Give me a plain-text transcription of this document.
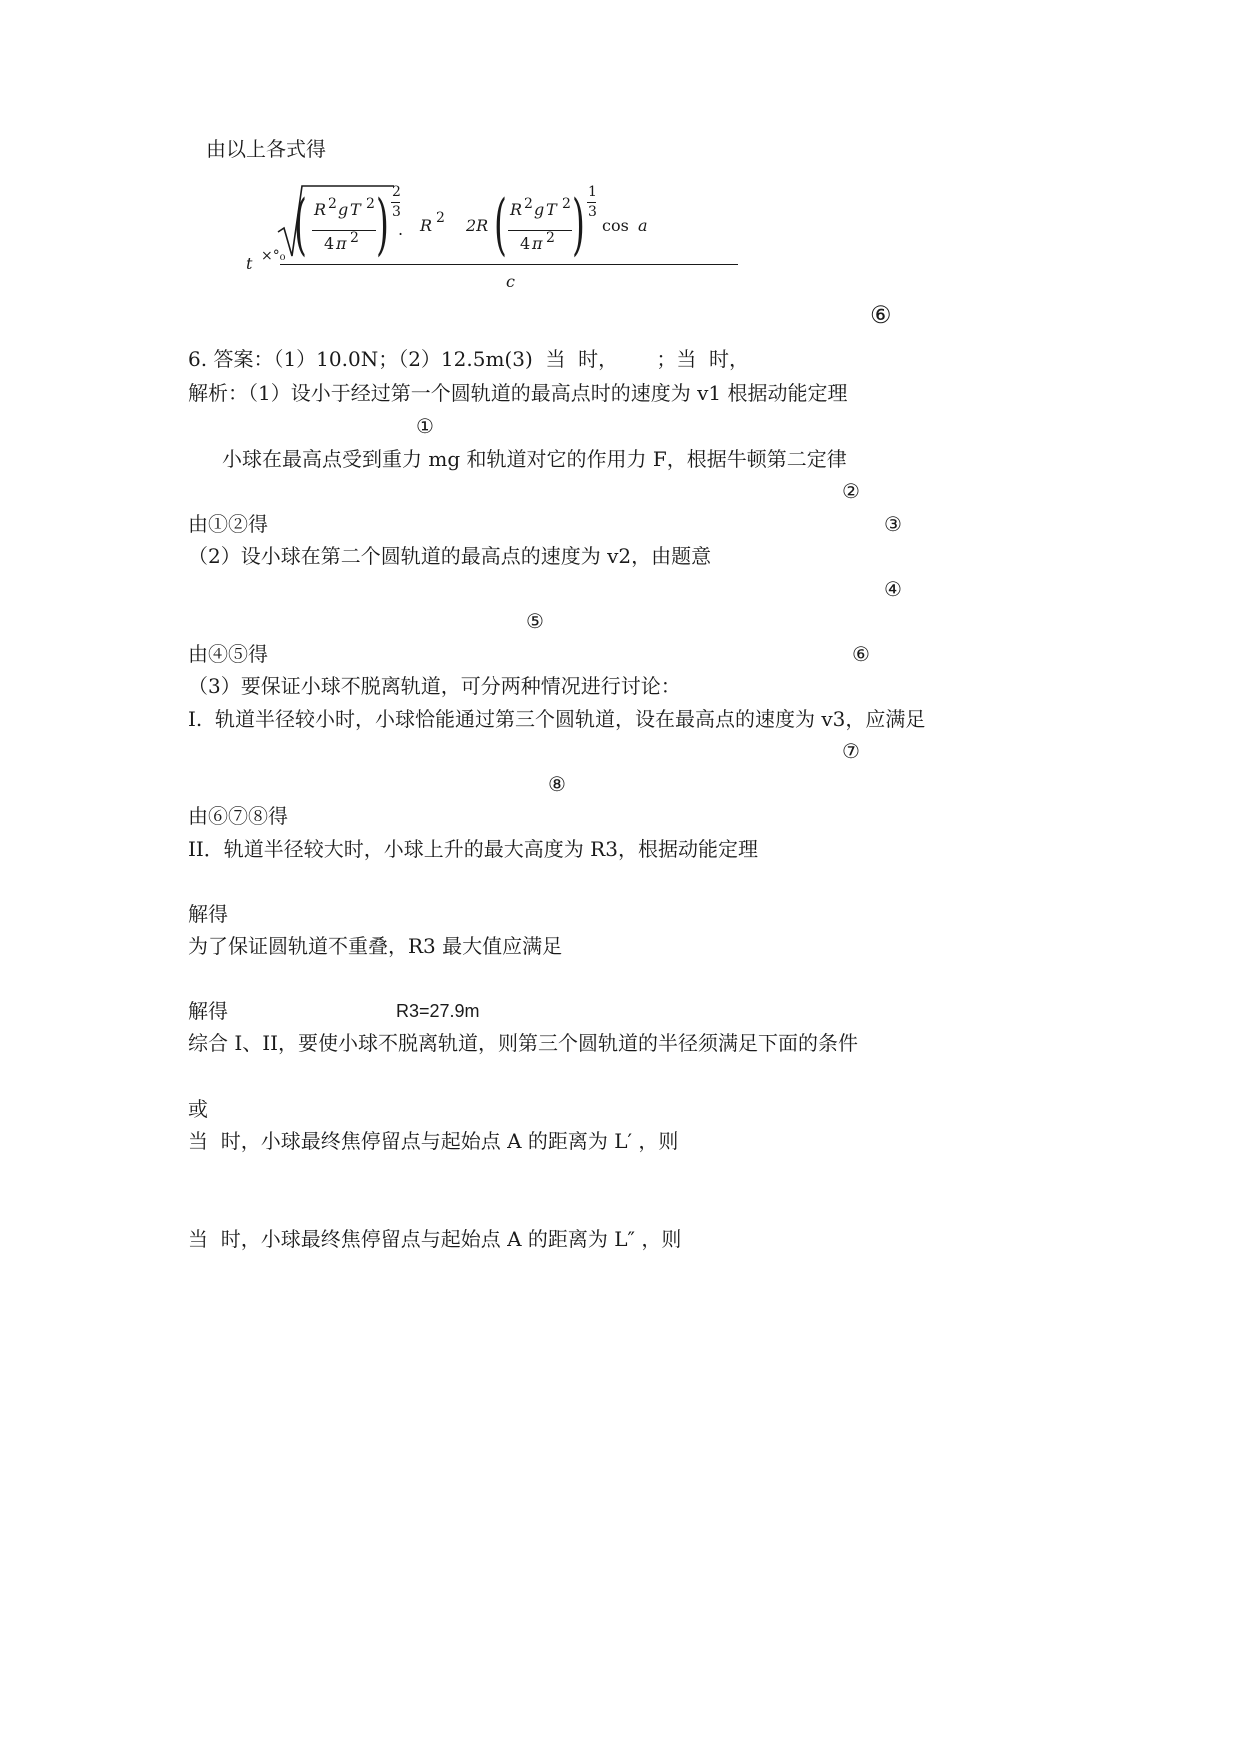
由以上各式得
t ×°₀ ( R 2 g T 2
4 π 2 ) 2
3
. R 2 2R ( R 2 g T 2
4 π 2 ) 1
3
cos a
c
⑥
6. 答案：（1）10.0N；（2）12.5m(3)  当  时，      ；当  时，
解析：（1）设小于经过第一个圆轨道的最高点时的速度为 v1 根据动能定理
①
小球在最高点受到重力 mg 和轨道对它的作用力 F，根据牛顿第二定律
②
由①②得	③
（2）设小球在第二个圆轨道的最高点的速度为 v2，由题意
④
⑤
由④⑤得	⑥
（3）要保证小球不脱离轨道，可分两种情况进行讨论：
I.  轨道半径较小时，小球恰能通过第三个圆轨道，设在最高点的速度为 v3，应满足
⑦
⑧
由⑥⑦⑧得
II．轨道半径较大时，小球上升的最大高度为 R3，根据动能定理
解得
为了保证圆轨道不重叠，R3 最大值应满足
解得	R3=27.9m
综合 I、II，要使小球不脱离轨道，则第三个圆轨道的半径须满足下面的条件
或
当  时，小球最终焦停留点与起始点 A 的距离为 L′ ，则
当  时，小球最终焦停留点与起始点 A 的距离为 L″ ，则
